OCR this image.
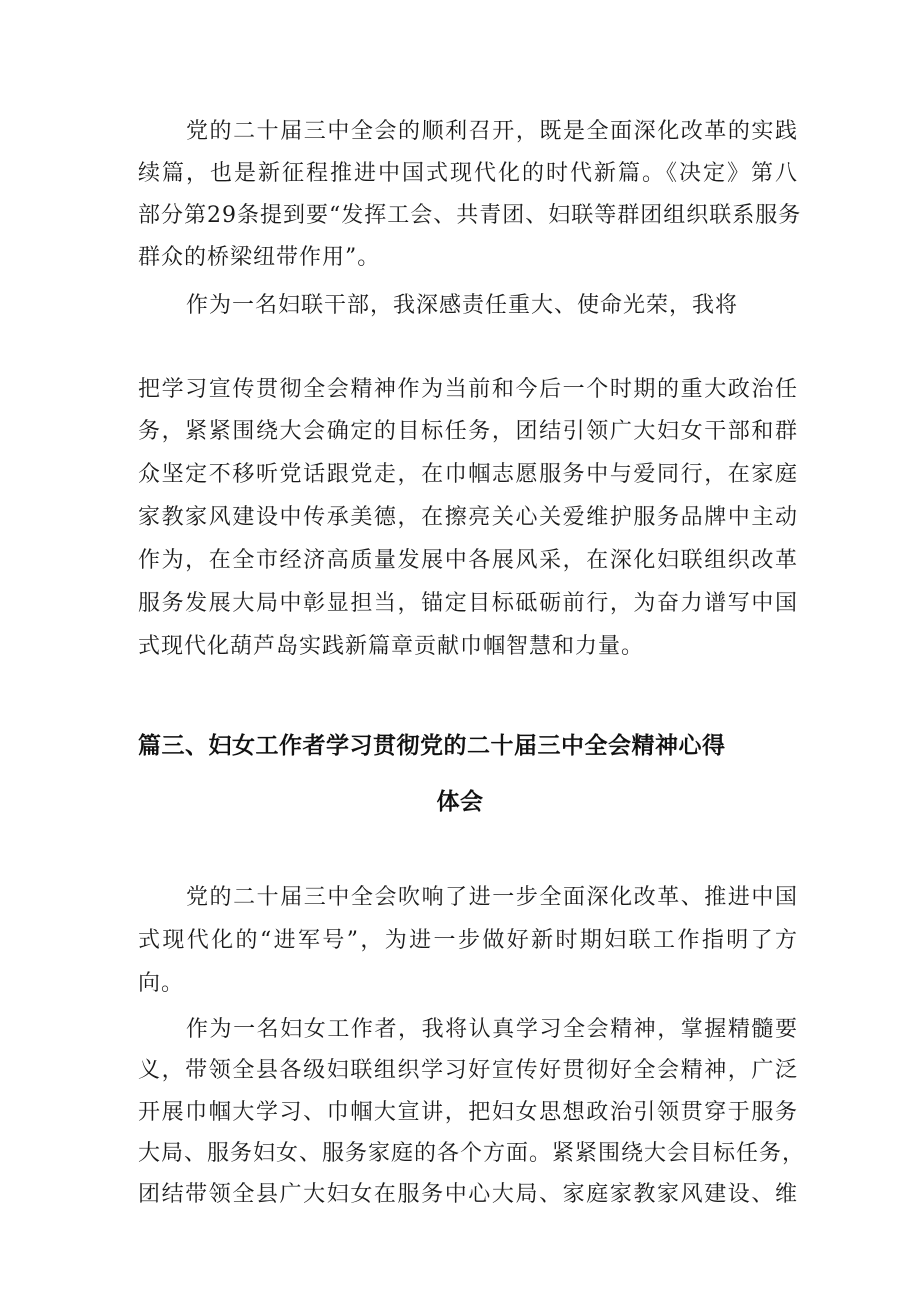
党的二十届三中全会的顺利召开，既是全面深化改革的实践

续篇，也是新征程推进中国式现代化的时代新篇。《决定》第八

部分第29条提到要“发挥工会、共青团、妇联等群团组织联系服务

群众的桥梁纽带作用”。

作为一名妇联干部，我深感责任重大、使命光荣，我将

把学习宣传贯彻全会精神作为当前和今后一个时期的重大政治任

务，紧紧围绕大会确定的目标任务，团结引领广大妇女干部和群

众坚定不移听党话跟党走，在巾帼志愿服务中与爱同行，在家庭

家教家风建设中传承美德，在擦亮关心关爱维护服务品牌中主动

作为，在全市经济高质量发展中各展风采，在深化妇联组织改革

服务发展大局中彰显担当，锚定目标砥砺前行，为奋力谱写中国

式现代化葫芦岛实践新篇章贡献巾帼智慧和力量。

篇三、妇女工作者学习贯彻党的二十届三中全会精神心得
体会

党的二十届三中全会吹响了进一步全面深化改革、推进中国

式现代化的“进军号”，为进一步做好新时期妇联工作指明了方

向。

作为一名妇女工作者，我将认真学习全会精神，掌握精髓要

义，带领全县各级妇联组织学习好宣传好贯彻好全会精神，广泛

开展巾帼大学习、巾帼大宣讲，把妇女思想政治引领贯穿于服务

大局、服务妇女、服务家庭的各个方面。紧紧围绕大会目标任务，

团结带领全县广大妇女在服务中心大局、家庭家教家风建设、维
